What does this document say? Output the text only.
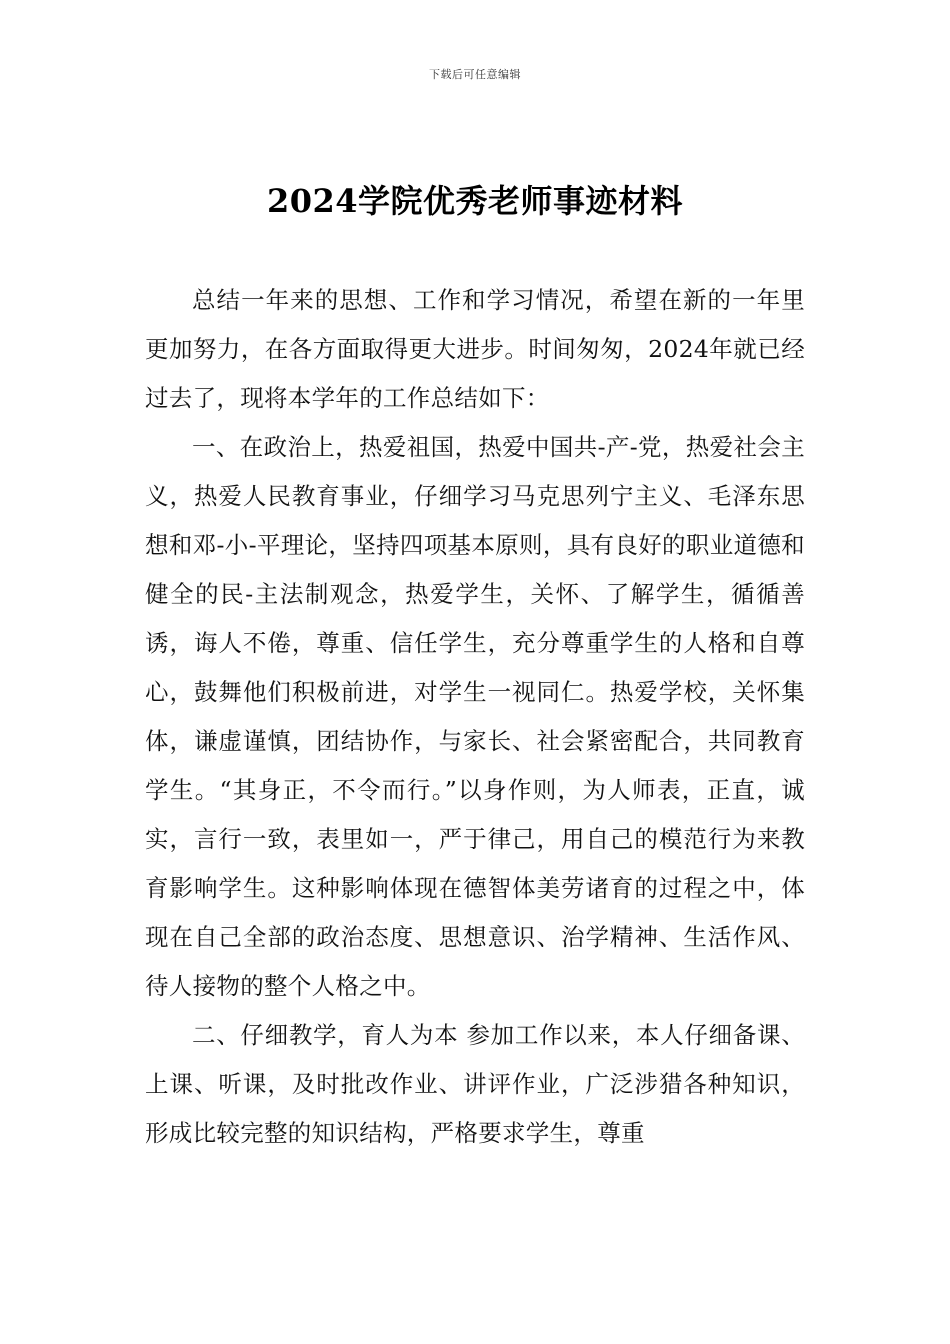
下载后可任意编辑
2024学院优秀老师事迹材料

总结一年来的思想、工作和学习情况，希望在新的一年里更加努力，在各方面取得更大进步。时间匆匆，2024年就已经过去了，现将本学年的工作总结如下：

一、在政治上，热爱祖国，热爱中国共-产-党，热爱社会主义，热爱人民教育事业，仔细学习马克思列宁主义、毛泽东思想和邓-小-平理论，坚持四项基本原则，具有良好的职业道德和健全的民-主法制观念，热爱学生，关怀、了解学生，循循善诱，诲人不倦，尊重、信任学生，充分尊重学生的人格和自尊心，鼓舞他们积极前进，对学生一视同仁。热爱学校，关怀集体，谦虚谨慎，团结协作，与家长、社会紧密配合，共同教育学生。“其身正，不令而行。”以身作则，为人师表，正直，诚实，言行一致，表里如一，严于律己，用自己的模范行为来教育影响学生。这种影响体现在德智体美劳诸育的过程之中，体现在自己全部的政治态度、思想意识、治学精神、生活作风、待人接物的整个人格之中。

二、仔细教学，育人为本 参加工作以来，本人仔细备课、上课、听课，及时批改作业、讲评作业，广泛涉猎各种知识，形成比较完整的知识结构，严格要求学生，尊重
